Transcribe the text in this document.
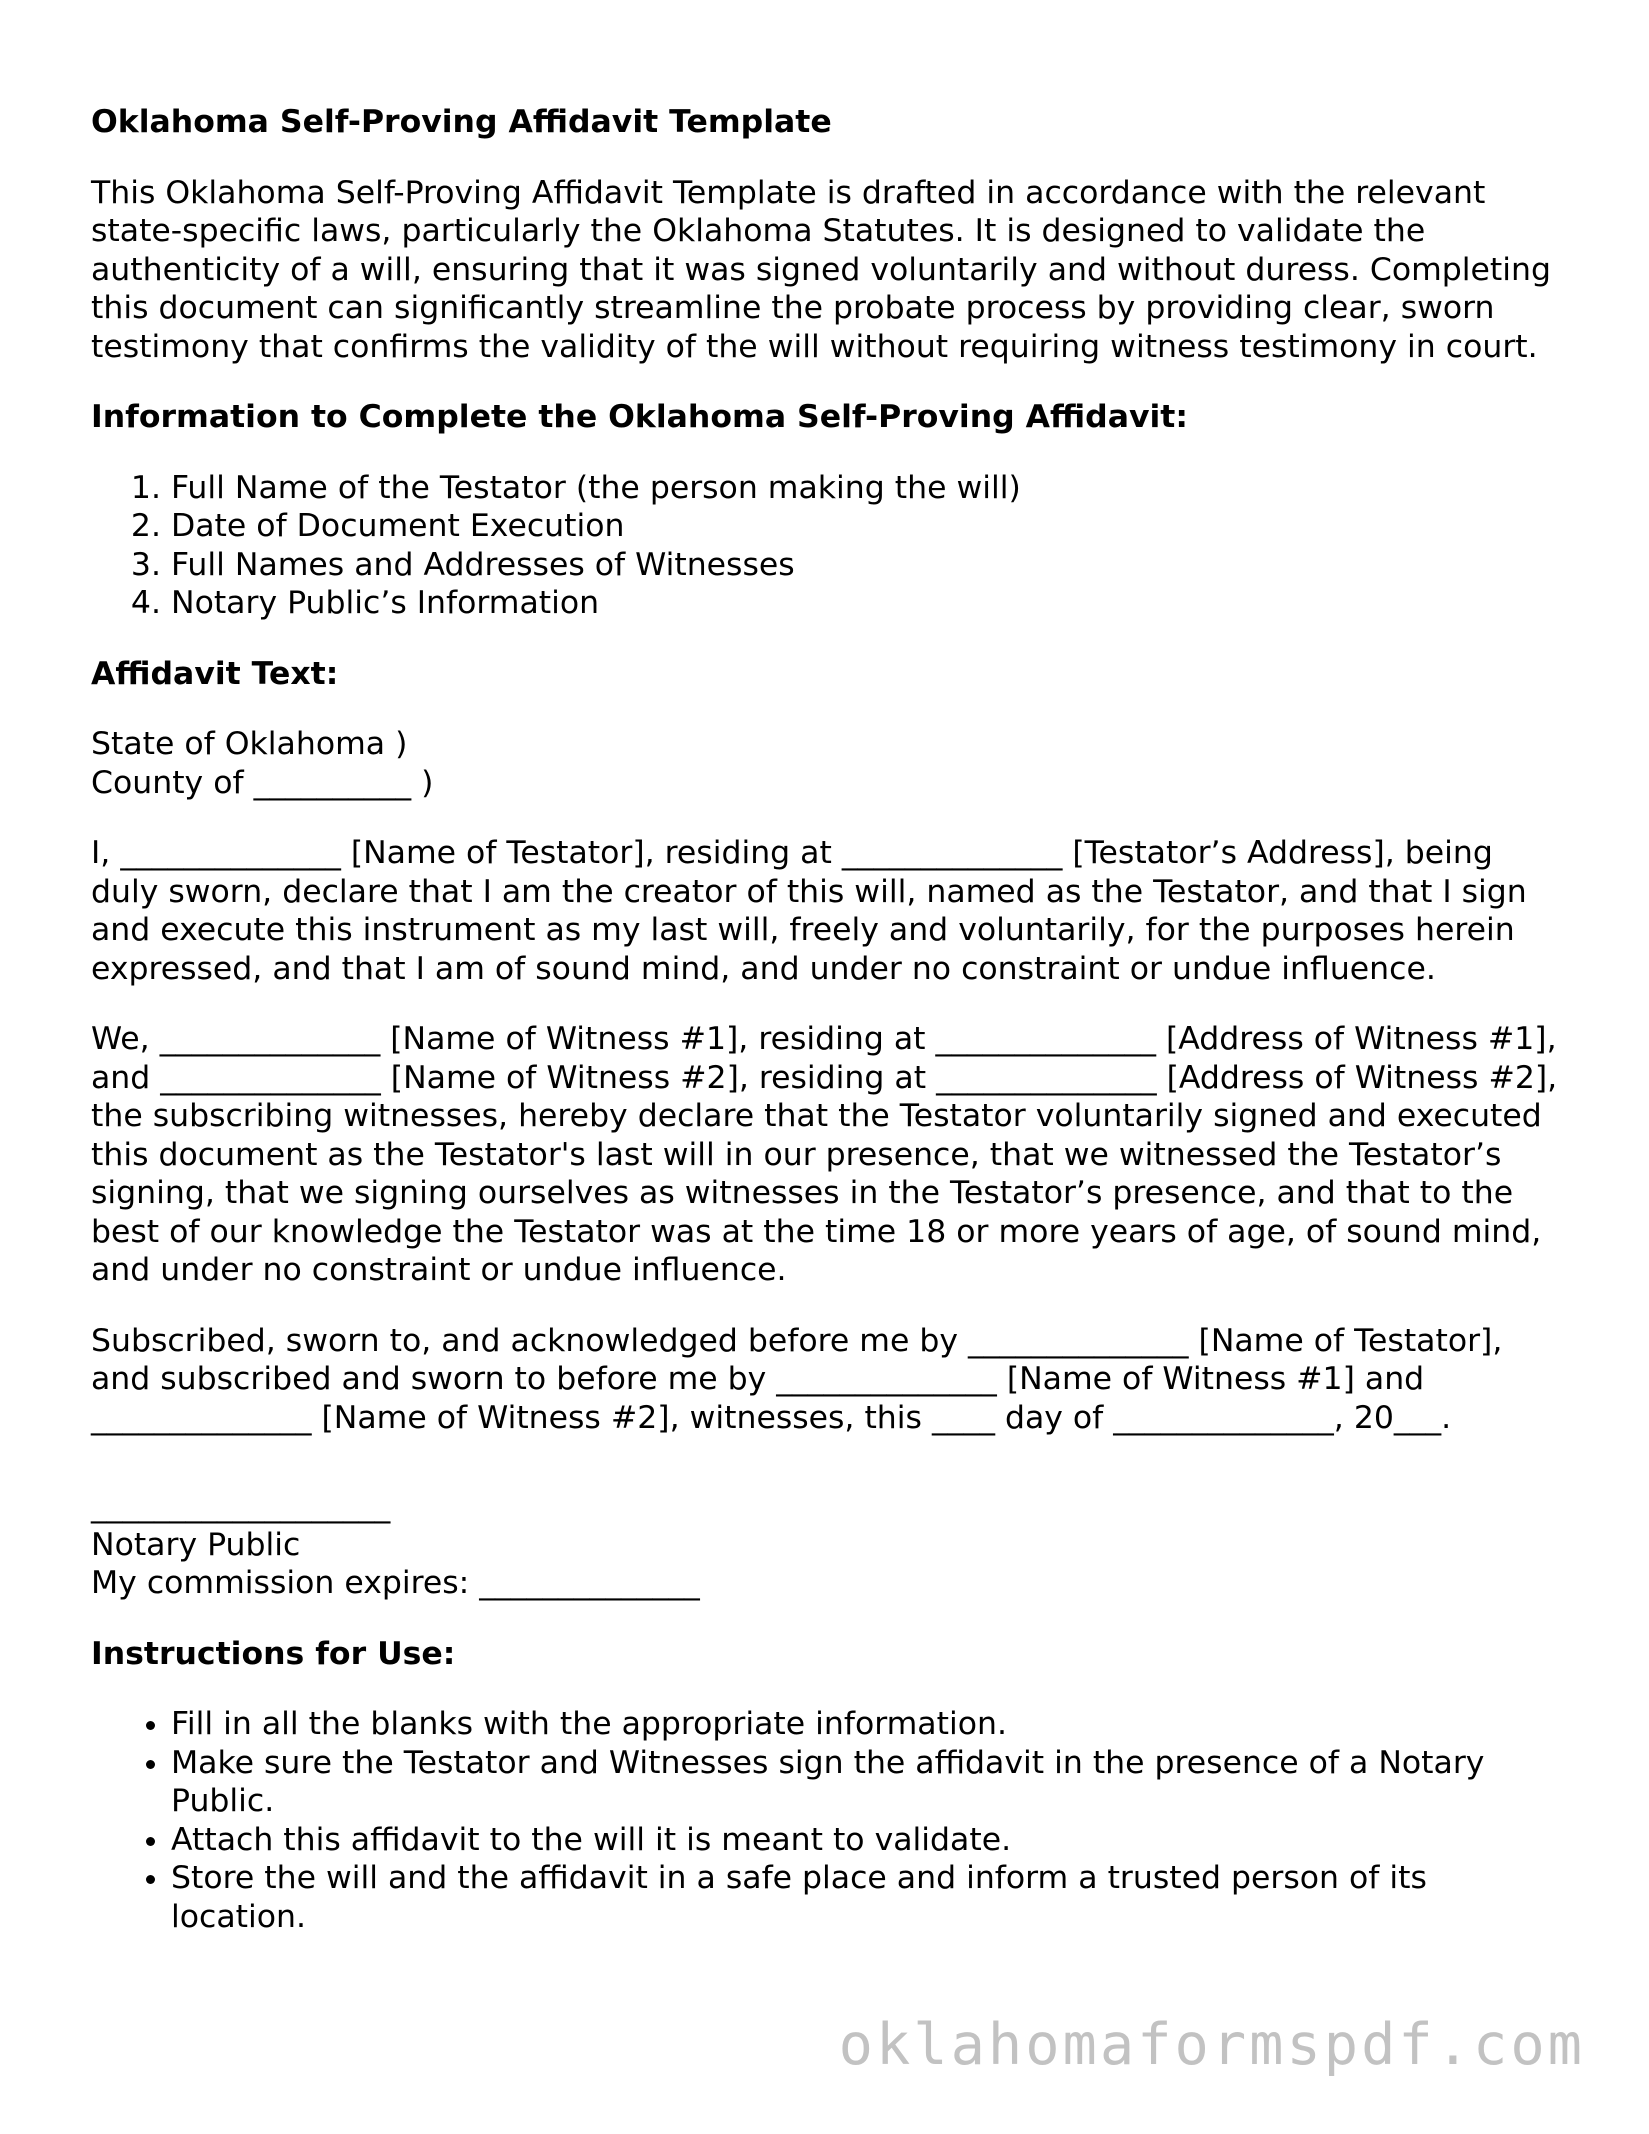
Oklahoma Self-Proving Affidavit Template

This Oklahoma Self-Proving Affidavit Template is drafted in accordance with the relevant state-specific laws, particularly the Oklahoma Statutes. It is designed to validate the authenticity of a will, ensuring that it was signed voluntarily and without duress. Completing this document can significantly streamline the probate process by providing clear, sworn testimony that confirms the validity of the will without requiring witness testimony in court.

Information to Complete the Oklahoma Self-Proving Affidavit:
1. Full Name of the Testator (the person making the will)
2. Date of Document Execution
3. Full Names and Addresses of Witnesses
4. Notary Public’s Information
Affidavit Text:
State of Oklahoma )
County of __________ )

I, ______________ [Name of Testator], residing at ______________ [Testator’s Address], being duly sworn, declare that I am the creator of this will, named as the Testator, and that I sign and execute this instrument as my last will, freely and voluntarily, for the purposes herein expressed, and that I am of sound mind, and under no constraint or undue influence.

We, ______________ [Name of Witness #1], residing at ______________ [Address of Witness #1], and ______________ [Name of Witness #2], residing at ______________ [Address of Witness #2], the subscribing witnesses, hereby declare that the Testator voluntarily signed and executed this document as the Testator's last will in our presence, that we witnessed the Testator’s signing, that we signing ourselves as witnesses in the Testator’s presence, and that to the best of our knowledge the Testator was at the time 18 or more years of age, of sound mind, and under no constraint or undue influence.

Subscribed, sworn to, and acknowledged before me by ______________ [Name of Testator], and subscribed and sworn to before me by ______________ [Name of Witness #1] and ______________ [Name of Witness #2], witnesses, this ____ day of ______________, 20___.

___________________
Notary Public
My commission expires: ______________
Instructions for Use:
• Fill in all the blanks with the appropriate information.
• Make sure the Testator and Witnesses sign the affidavit in the presence of a Notary Public.
• Attach this affidavit to the will it is meant to validate.
• Store the will and the affidavit in a safe place and inform a trusted person of its location.
oklahomaformspdf.com
